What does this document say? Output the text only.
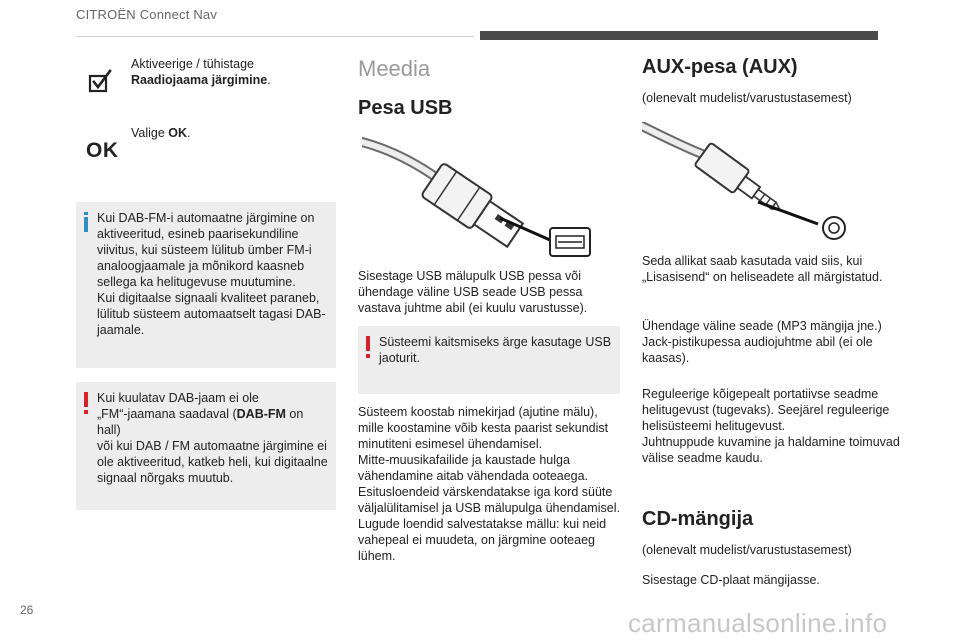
CITROËN Connect Nav
Aktiveerige / tühistage
Raadiojaama järgimine.
OK
Valige OK.
Kui DAB-FM-i automaatne järgimine on
aktiveeritud, esineb paarisekundiline
viivitus, kui süsteem lülitub ümber FM-i
analoogjaamale ja mõnikord kaasneb
sellega ka helitugevuse muutumine.
Kui digitaalse signaali kvaliteet paraneb,
lülitub süsteem automaatselt tagasi DAB-
jaamale.
Kui kuulatav DAB-jaam ei ole
„FM“-jaamana saadaval (DAB-FM on hall)
või kui DAB / FM automaatne järgimine ei
ole aktiveeritud, katkeb heli, kui digitaalne
signaal nõrgaks muutub.
Meedia
Pesa USB
Sisestage USB mälupulk USB pessa või
ühendage väline USB seade USB pessa
vastava juhtme abil (ei kuulu varustusse).
Süsteemi kaitsmiseks ärge kasutage USB
jaoturit.
Süsteem koostab nimekirjad (ajutine mälu),
mille koostamine võib kesta paarist sekundist
minutiteni esimesel ühendamisel.
Mitte-muusikafailide ja kaustade hulga
vähendamine aitab vähendada ooteaega.
Esitusloendeid värskendatakse iga kord süüte
väljalülitamisel ja USB mälupulga ühendamisel.
Lugude loendid salvestatakse mällu: kui neid
vahepeal ei muudeta, on järgmine ooteaeg
lühem.
AUX-pesa (AUX)
(olenevalt mudelist/varustustasemest)
Seda allikat saab kasutada vaid siis, kui
„Lisasisend“ on heliseadete all märgistatud.
Ühendage väline seade (MP3 mängija jne.)
Jack-pistikupessa audiojuhtme abil (ei ole
kaasas).
Reguleerige kõigepealt portatiivse seadme
helitugevust (tugevaks). Seejärel reguleerige
helisüsteemi helitugevust.
Juhtnuppude kuvamine ja haldamine toimuvad
välise seadme kaudu.
CD-mängija
(olenevalt mudelist/varustustasemest)
Sisestage CD-plaat mängijasse.
26	carmanualsonline.info
